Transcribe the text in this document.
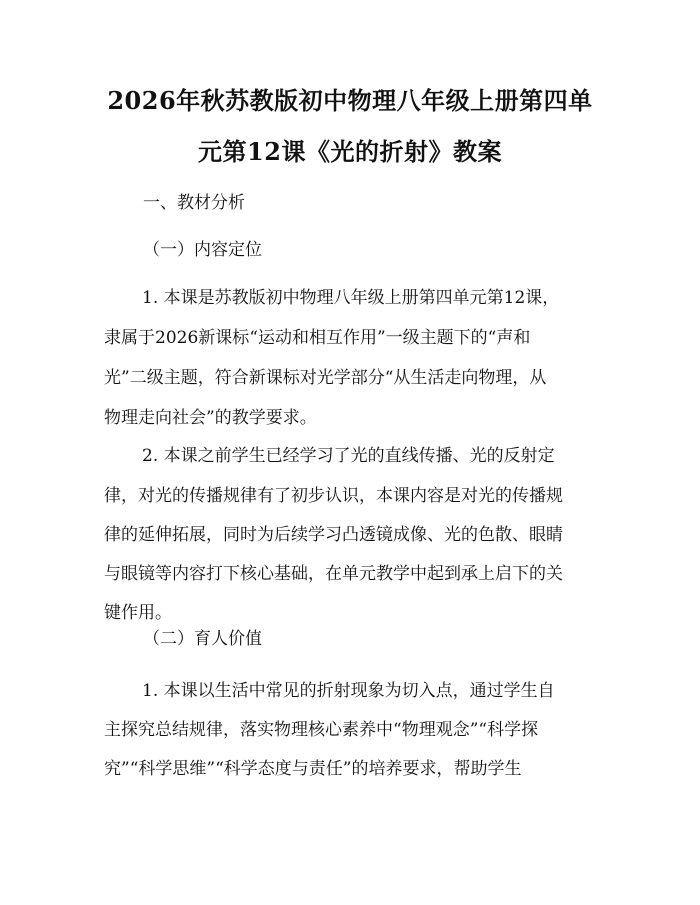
2026年秋苏教版初中物理八年级上册第四单
元第12课《光的折射》教案
一、教材分析
（一）内容定位
1. 本课是苏教版初中物理八年级上册第四单元第12课，
隶属于2026新课标“运动和相互作用”一级主题下的“声和
光”二级主题，符合新课标对光学部分“从生活走向物理，从
物理走向社会”的教学要求。
2. 本课之前学生已经学习了光的直线传播、光的反射定
律，对光的传播规律有了初步认识，本课内容是对光的传播规
律的延伸拓展，同时为后续学习凸透镜成像、光的色散、眼睛
与眼镜等内容打下核心基础，在单元教学中起到承上启下的关
键作用。
（二）育人价值
1. 本课以生活中常见的折射现象为切入点，通过学生自
主探究总结规律，落实物理核心素养中“物理观念”“科学探
究”“科学思维”“科学态度与责任”的培养要求，帮助学生
